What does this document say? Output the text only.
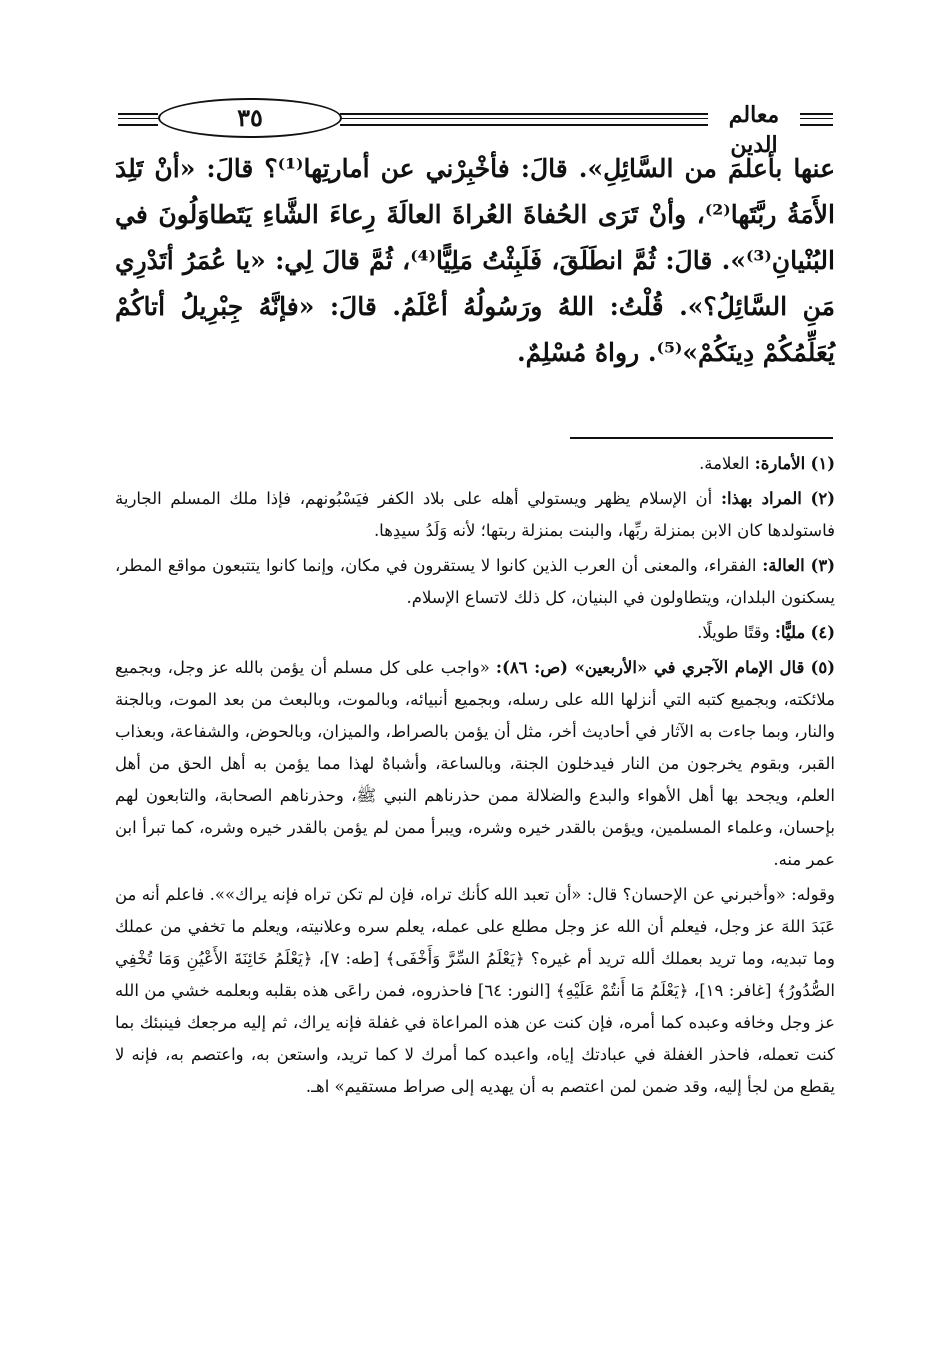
٣٥	معالم الدين
عنها بأعلمَ من السَّائِلِ». قالَ: فأخْبِرْني عن أمارتِها⁽¹⁾؟ قالَ: «أنْ تَلِدَ الأَمَةُ ربَّتَها⁽²⁾، وأنْ تَرَى الحُفاةَ العُراةَ العالَةَ رِعاءَ الشَّاءِ يَتَطاوَلُونَ في البُنْيانِ⁽³⁾». قالَ: ثُمَّ انطَلَقَ، فَلَبِثْتُ مَلِيًّا⁽⁴⁾، ثُمَّ قالَ لِي: «يا عُمَرُ أتَدْرِي مَنِ السَّائِلُ؟». قُلْتُ: اللهُ ورَسُولُهُ أعْلَمُ. قالَ: «فإنَّهُ جِبْرِيلُ أتاكُمْ يُعَلِّمُكُمْ دِينَكُمْ»⁽⁵⁾. رواهُ مُسْلِمٌ.

(١) الأمارة: العلامة.

(٢) المراد بهذا: أن الإسلام يظهر ويستولي أهله على بلاد الكفر فيَسْبُونهم، فإذا ملك المسلم الجارية فاستولدها كان الابن بمنزلة ربِّها، والبنت بمنزلة ربتها؛ لأنه وَلَدُ سيدِها.

(٣) العالة: الفقراء، والمعنى أن العرب الذين كانوا لا يستقرون في مكان، وإنما كانوا يتتبعون مواقع المطر، يسكنون البلدان، ويتطاولون في البنيان، كل ذلك لاتساع الإسلام.

(٤) مليًّا: وقتًا طويلًا.

(٥) قال الإمام الآجري في «الأربعين» (ص: ٨٦): «واجب على كل مسلم أن يؤمن بالله عز وجل، وبجميع ملائكته، وبجميع كتبه التي أنزلها الله على رسله، وبجميع أنبيائه، وبالموت، وبالبعث من بعد الموت، وبالجنة والنار، وبما جاءت به الآثار في أحاديث أخر، مثل أن يؤمن بالصراط، والميزان، وبالحوض، والشفاعة، وبعذاب القبر، وبقوم يخرجون من النار فيدخلون الجنة، وبالساعة، وأشباهٌ لهذا مما يؤمن به أهل الحق من أهل العلم، ويجحد بها أهل الأهواء والبدع والضلالة ممن حذرناهم النبي ﷺ، وحذرناهم الصحابة، والتابعون لهم بإحسان، وعلماء المسلمين، ويؤمن بالقدر خيره وشره، ويبرأ ممن لم يؤمن بالقدر خيره وشره، كما تبرأ ابن عمر منه.

وقوله: «وأخبرني عن الإحسان؟ قال: «أن تعبد الله كأنك تراه، فإن لم تكن تراه فإنه يراك»». فاعلم أنه من عَبَدَ اللهَ عز وجل، فيعلم أن الله عز وجل مطلع على عمله، يعلم سره وعلانيته، ويعلم ما تخفي من عملك وما تبديه، وما تريد بعملك ألله تريد أم غيره؟ ﴿يَعْلَمُ السِّرَّ وَأَخْفَى﴾ [طه: ٧]، ﴿يَعْلَمُ خَائِنَةَ الأَعْيُنِ وَمَا تُخْفِي الصُّدُورُ﴾ [غافر: ١٩]، ﴿يَعْلَمُ مَا أَنتُمْ عَلَيْهِ﴾ [النور: ٦٤] فاحذروه، فمن راعَى هذه بقلبه وبعلمه خشي من الله عز وجل وخافه وعبده كما أمره، فإن كنت عن هذه المراعاة في غفلة فإنه يراك، ثم إليه مرجعك فينبئك بما كنت تعمله، فاحذر الغفلة في عبادتك إياه، واعبده كما أمرك لا كما تريد، واستعن به، واعتصم به، فإنه لا يقطع من لجأ إليه، وقد ضمن لمن اعتصم به أن يهديه إلى صراط مستقيم» اهـ.
